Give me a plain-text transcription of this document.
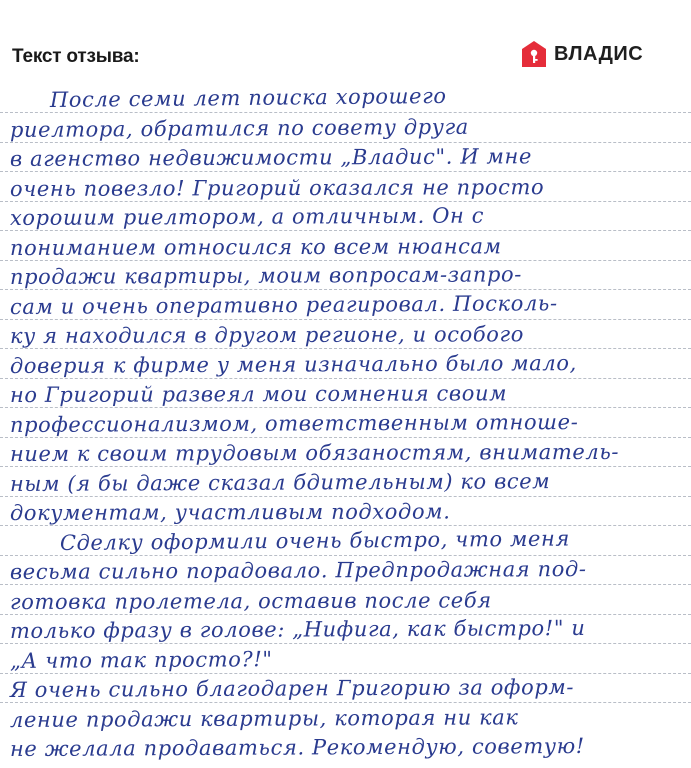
Текст отзыва:	ВЛАДИС
После семи лет поиска хорошего
риелтора, обратился по совету друга
в агенство недвижимости „Владис". И мне
очень повезло! Григорий оказался не просто
хорошим риелтором, а отличным. Он с
пониманием относился ко всем нюансам
продажи квартиры, моим вопросам-запро-
сам и очень оперативно реагировал. Посколь-
ку я находился в другом регионе, и особого
доверия к фирме у меня изначально было мало,
но Григорий развеял мои сомнения своим
профессионализмом, ответственным отноше-
нием к своим трудовым обязаностям, вниматель-
ным (я бы даже сказал бдительным) ко всем
документам, участливым подходом.
Сделку оформили очень быстро, что меня
весьма сильно порадовало. Предпродажная под-
готовка пролетела, оставив после себя
только фразу в голове: „Нифига, как быстро!" и
„А что так просто?!"
Я очень сильно благодарен Григорию за оформ-
ление продажи квартиры, которая ни как
не желала продаваться. Рекомендую, советую!
